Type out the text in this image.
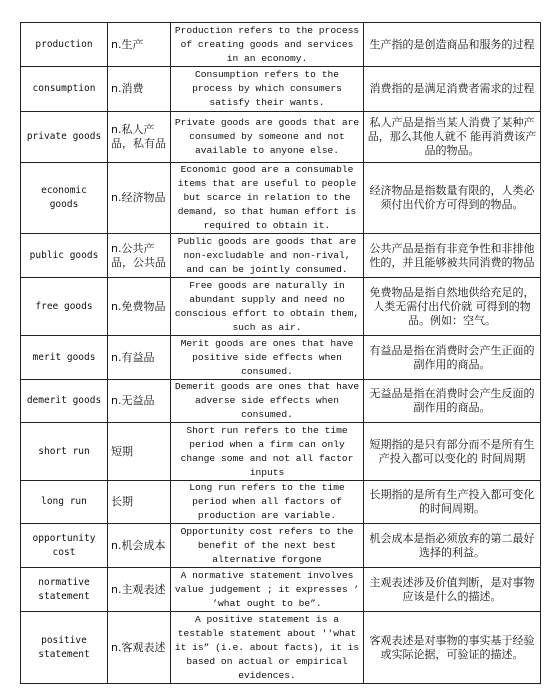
production	n.生产	Production refers to the process of creating goods and services in an economy.	生产指的是创造商品和服务的过程
consumption	n.消费	Consumption refers to the process by which consumers satisfy their wants.	消费指的是满足消费者需求的过程
private goods	n.私人产品，私有品	Private goods are goods that are consumed by someone and not available to anyone else.	私人产品是指当某人消费了某种产品，那么其他人就不 能再消费该产品的物品。
economic goods	n.经济物品	Economic good are a consumable items that are useful to people but scarce in relation to the demand, so that human effort is required to obtain it.	经济物品是指数量有限的，人类必须付出代价方可得到的物品。
public goods	n.公共产品，公共品	Public goods are goods that are non-excludable and non-rival, and can be jointly consumed.	公共产品是指有非竞争性和非排他性的，并且能够被共同消费的物品
free goods	n.免费物品	Free goods are naturally in abundant supply and need no conscious effort to obtain them, such as air.	免费物品是指自然地供给充足的，人类无需付出代价就 可得到的物品。例如：空气。
merit goods	n.有益品	Merit goods are ones that have positive side effects when consumed.	有益品是指在消费时会产生正面的副作用的商品。
demerit goods	n.无益品	Demerit goods are ones that have adverse side effects when consumed.	无益品是指在消费时会产生反面的副作用的商品。
short run	短期	Short run refers to the time period when a firm can only change some and not all factor inputs	短期指的是只有部分而不是所有生产投入都可以变化的 时间周期
long run	长期	Long run refers to the time period when all factors of production are variable.	长期指的是所有生产投入都可变化的时间周期。
opportunity cost	n.机会成本	Opportunity cost refers to the benefit of the next best alternative forgone	机会成本是指必须放弃的第二最好选择的利益。
normative statement	n.主观表述	A normative statement involves value judgement ; it expresses ’ ’what ought to be”.	主观表述涉及价值判断，是对事物应该是什么的描述。
positive statement	n.客观表述	A positive statement is a testable statement about ''what it is” (i.e. about facts), it is based on actual or empirical evidences.	客观表述是对事物的事实基于经验或实际论据，可验证的描述。
